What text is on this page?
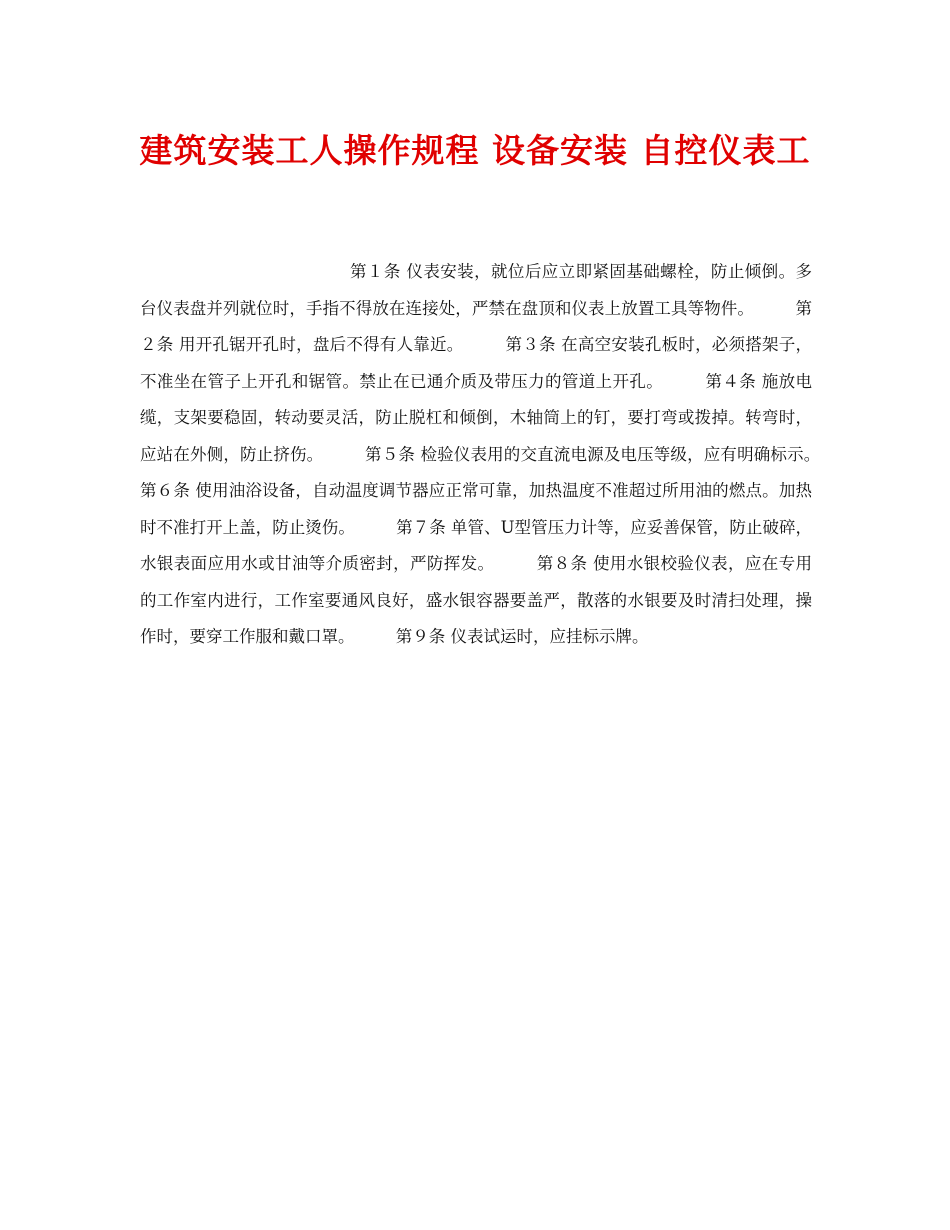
建筑安装工人操作规程 设备安装 自控仪表工

第１条 仪表安装，就位后应立即紧固基础螺栓，防止倾倒。多台仪表盘并列就位时，手指不得放在连接处，严禁在盘顶和仪表上放置工具等物件。　　　第２条 用开孔锯开孔时，盘后不得有人靠近。　　　第３条 在高空安装孔板时，必须搭架子，不准坐在管子上开孔和锯管。禁止在已通介质及带压力的管道上开孔。　　　第４条 施放电缆，支架要稳固，转动要灵活，防止脱杠和倾倒，木轴筒上的钉，要打弯或拨掉。转弯时，应站在外侧，防止挤伤。　　　第５条 检验仪表用的交直流电源及电压等级，应有明确标示。　　　第６条 使用油浴设备，自动温度调节器应正常可靠，加热温度不准超过所用油的燃点。加热时不准打开上盖，防止烫伤。　　　第７条 单管、U型管压力计等，应妥善保管，防止破碎，水银表面应用水或甘油等介质密封，严防挥发。　　　第８条 使用水银校验仪表，应在专用的工作室内进行，工作室要通风良好，盛水银容器要盖严，散落的水银要及时清扫处理，操作时，要穿工作服和戴口罩。　　　第９条 仪表试运时，应挂标示牌。
